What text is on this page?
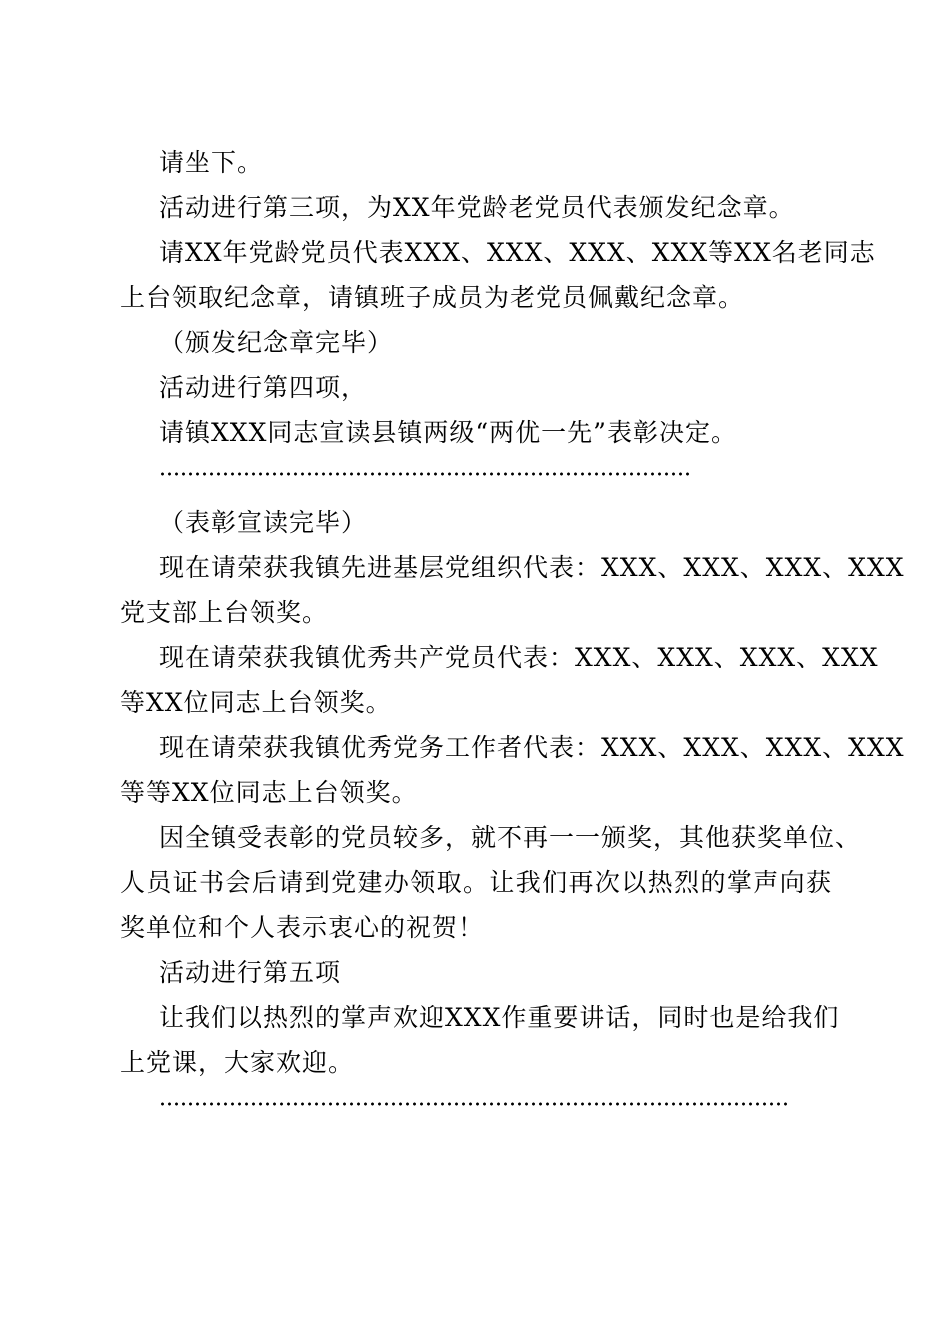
请坐下。
活动进行第三项，为XX年党龄老党员代表颁发纪念章。
请XX年党龄党员代表XXX、XXX、XXX、XXX等XX名老同志
上台领取纪念章，请镇班子成员为老党员佩戴纪念章。
（颁发纪念章完毕）
活动进行第四项，
请镇XXX同志宣读县镇两级“两优一先”表彰决定。
（表彰宣读完毕）
现在请荣获我镇先进基层党组织代表：XXX、XXX、XXX、XXX
党支部上台领奖。
现在请荣获我镇优秀共产党员代表：XXX、XXX、XXX、XXX
等XX位同志上台领奖。
现在请荣获我镇优秀党务工作者代表：XXX、XXX、XXX、XXX
等等XX位同志上台领奖。
因全镇受表彰的党员较多，就不再一一颁奖，其他获奖单位、
人员证书会后请到党建办领取。让我们再次以热烈的掌声向获
奖单位和个人表示衷心的祝贺！
活动进行第五项
让我们以热烈的掌声欢迎XXX作重要讲话，同时也是给我们
上党课，大家欢迎。
